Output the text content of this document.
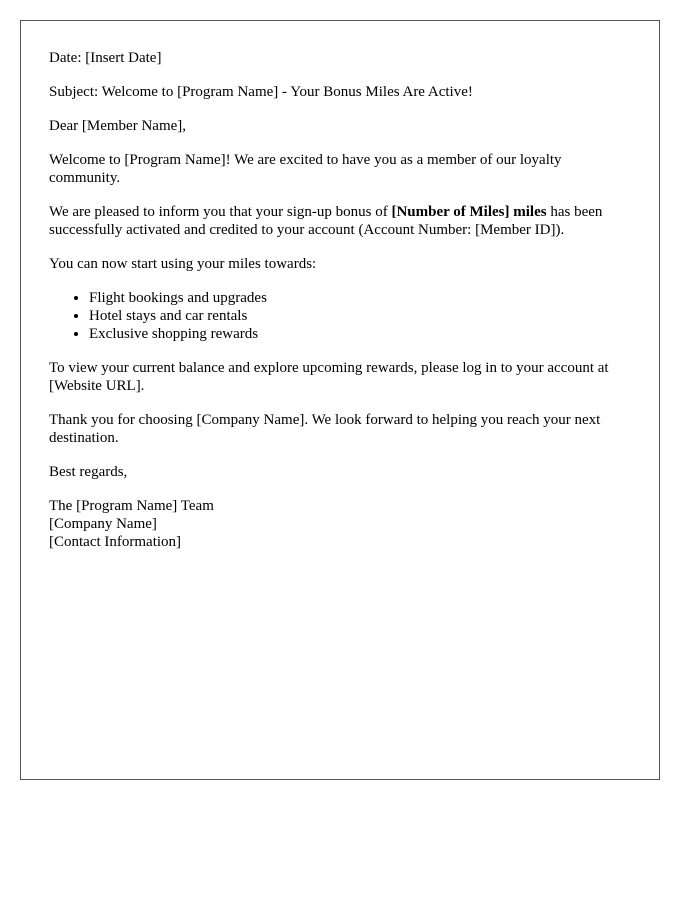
Date: [Insert Date]

Subject: Welcome to [Program Name] - Your Bonus Miles Are Active!

Dear [Member Name],

Welcome to [Program Name]! We are excited to have you as a member of our loyalty community.

We are pleased to inform you that your sign-up bonus of [Number of Miles] miles has been successfully activated and credited to your account (Account Number: [Member ID]).

You can now start using your miles towards:

• Flight bookings and upgrades
• Hotel stays and car rentals
• Exclusive shopping rewards

To view your current balance and explore upcoming rewards, please log in to your account at [Website URL].

Thank you for choosing [Company Name]. We look forward to helping you reach your next destination.

Best regards,

The [Program Name] Team
[Company Name]
[Contact Information]
